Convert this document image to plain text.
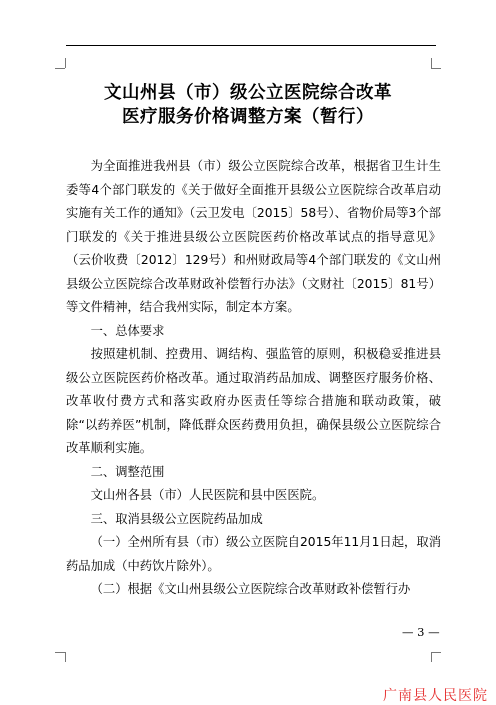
文山州县（市）级公立医院综合改革
医疗服务价格调整方案（暂行）

为全面推进我州县（市）级公立医院综合改革，根据省卫生计生委等4个部门联发的《关于做好全面推开县级公立医院综合改革启动实施有关工作的通知》（云卫发电〔2015〕58号）、省物价局等3个部门联发的《关于推进县级公立医院医药价格改革试点的指导意见》（云价收费〔2012〕129号）和州财政局等4个部门联发的《文山州县级公立医院综合改革财政补偿暂行办法》（文财社〔2015〕81号）等文件精神，结合我州实际，制定本方案。

一、总体要求

按照建机制、控费用、调结构、强监管的原则，积极稳妥推进县级公立医院医药价格改革。通过取消药品加成、调整医疗服务价格、改革收付费方式和落实政府办医责任等综合措施和联动政策，破除“以药养医”机制，降低群众医药费用负担，确保县级公立医院综合改革顺利实施。

二、调整范围

文山州各县（市）人民医院和县中医医院。

三、取消县级公立医院药品加成

（一）全州所有县（市）级公立医院自2015年11月1日起，取消药品加成（中药饮片除外）。

（二）根据《文山州县级公立医院综合改革财政补偿暂行办

— 3 —
广南县人民医院
